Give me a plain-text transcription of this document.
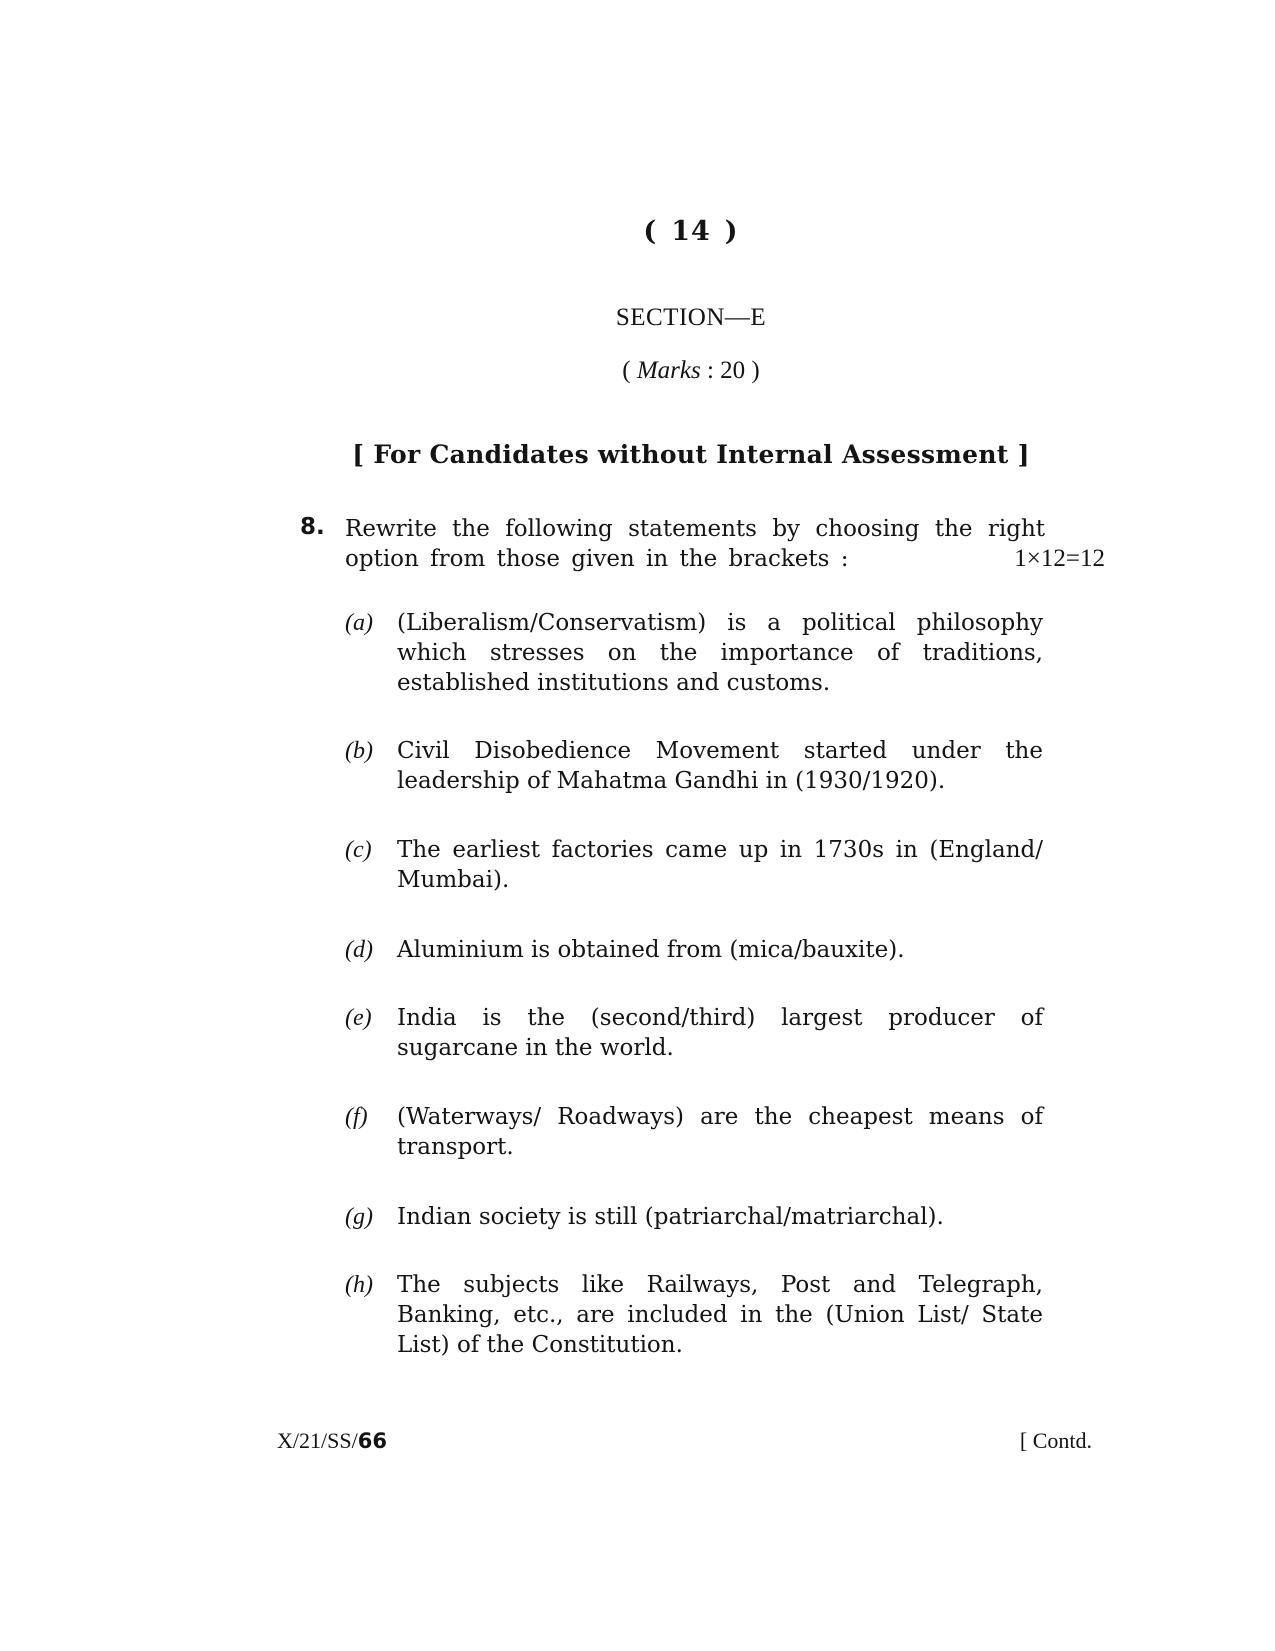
( 14 )
SECTION—E
( Marks : 20 )
[ For Candidates without Internal Assessment ]
8. Rewrite the following statements by choosing the right
option from those given in the brackets :	1×12=12
(a) (Liberalism/Conservatism) is a political philosophy which stresses on the importance of traditions, established institutions and customs.
(b) Civil Disobedience Movement started under the leadership of Mahatma Gandhi in (1930/1920).
(c) The earliest factories came up in 1730s in (England/ Mumbai).
(d) Aluminium is obtained from (mica/bauxite).
(e) India is the (second/third) largest producer of sugarcane in the world.
(f) (Waterways/ Roadways) are the cheapest means of transport.
(g) Indian society is still (patriarchal/matriarchal).
(h) The subjects like Railways, Post and Telegraph, Banking, etc., are included in the (Union List/ State List) of the Constitution.
X/21/SS/66	[ Contd.
